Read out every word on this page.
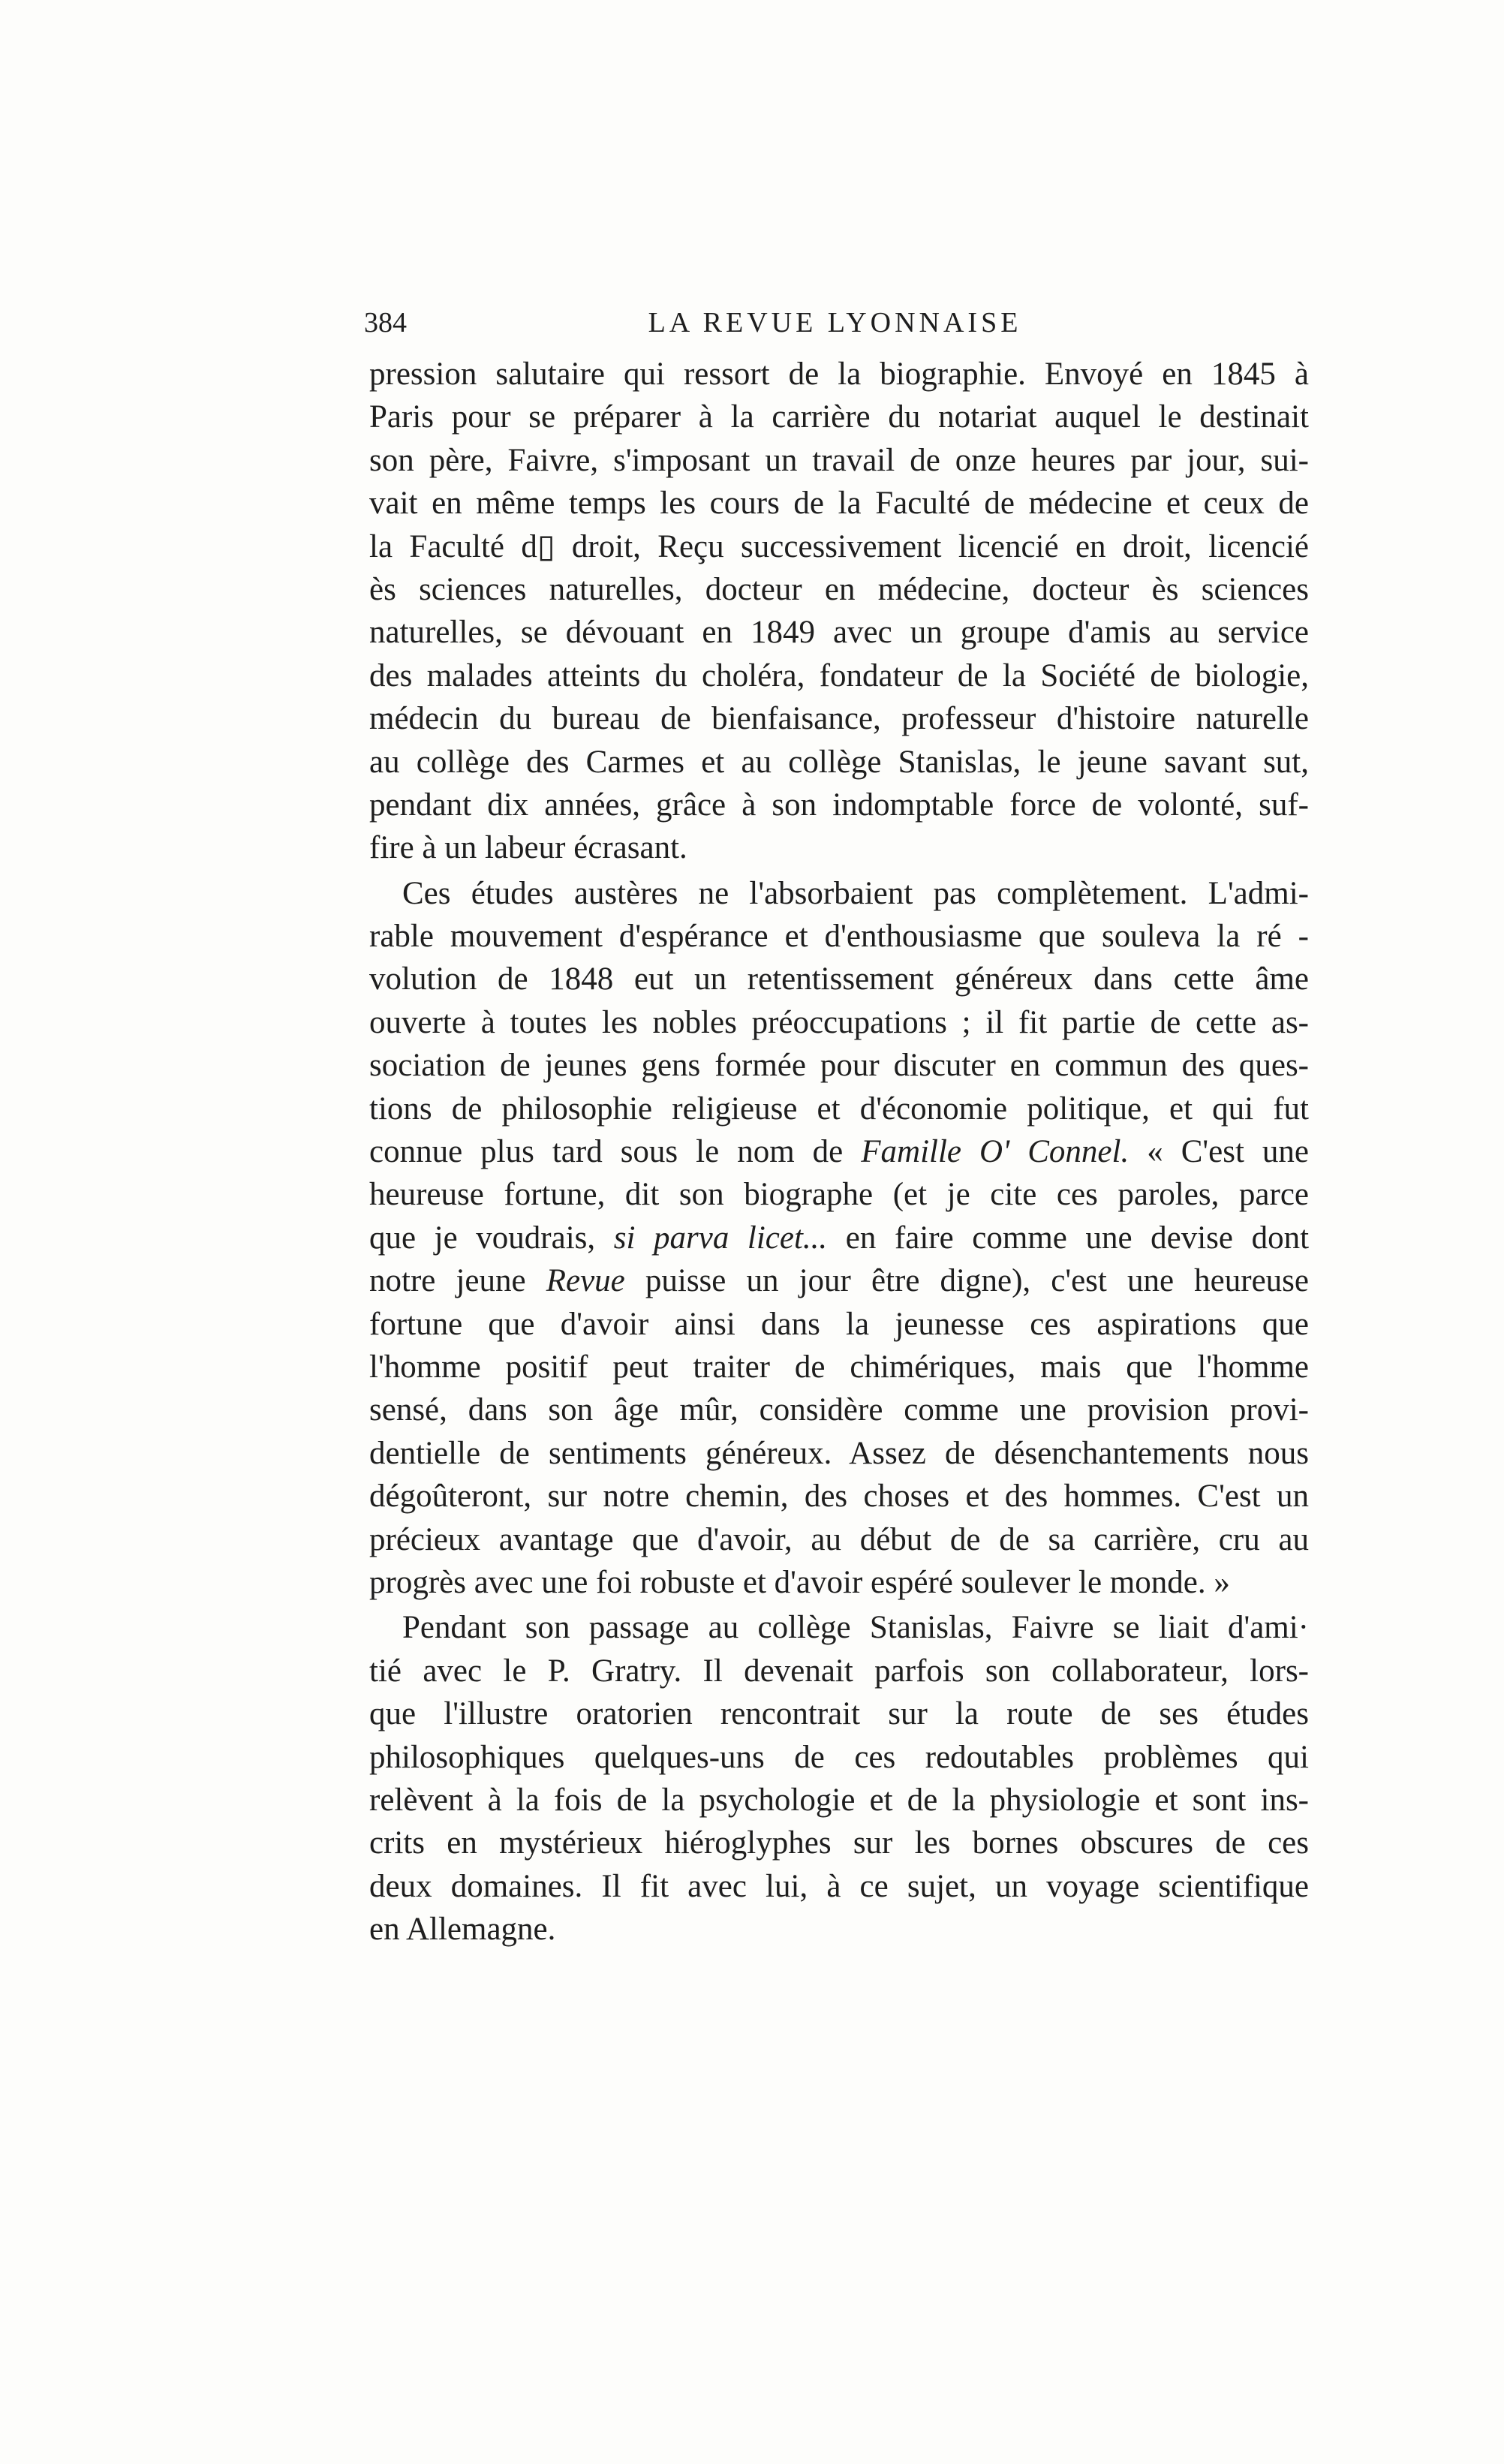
384	LA REVUE LYONNAISE
pression salutaire qui ressort de la biographie. Envoyé en 1845 à
Paris pour se préparer à la carrière du notariat auquel le destinait
son père, Faivre, s'imposant un travail de onze heures par jour, sui-
vait en même temps les cours de la Faculté de médecine et ceux de
la Faculté d▯ droit, Reçu successivement licencié en droit, licencié
ès sciences naturelles, docteur en médecine, docteur ès sciences
naturelles, se dévouant en 1849 avec un groupe d'amis au service
des malades atteints du choléra, fondateur de la Société de biologie,
médecin du bureau de bienfaisance, professeur d'histoire naturelle
au collège des Carmes et au collège Stanislas, le jeune savant sut,
pendant dix années, grâce à son indomptable force de volonté, suf-
fire à un labeur écrasant.
Ces études austères ne l'absorbaient pas complètement. L'admi-
rable mouvement d'espérance et d'enthousiasme que souleva la ré -
volution de 1848 eut un retentissement généreux dans cette âme
ouverte à toutes les nobles préoccupations ; il fit partie de cette as-
sociation de jeunes gens formée pour discuter en commun des ques-
tions de philosophie religieuse et d'économie politique, et qui fut
connue plus tard sous le nom de Famille O' Connel. « C'est une
heureuse fortune, dit son biographe (et je cite ces paroles, parce
que je voudrais, si parva licet... en faire comme une devise dont
notre jeune Revue puisse un jour être digne), c'est une heureuse
fortune que d'avoir ainsi dans la jeunesse ces aspirations que
l'homme positif peut traiter de chimériques, mais que l'homme
sensé, dans son âge mûr, considère comme une provision provi-
dentielle de sentiments généreux. Assez de désenchantements nous
dégoûteront, sur notre chemin, des choses et des hommes. C'est un
précieux avantage que d'avoir, au début de de sa carrière, cru au
progrès avec une foi robuste et d'avoir espéré soulever le monde. »
Pendant son passage au collège Stanislas, Faivre se liait d'ami·
tié avec le P. Gratry. Il devenait parfois son collaborateur, lors-
que l'illustre oratorien rencontrait sur la route de ses études
philosophiques quelques-uns de ces redoutables problèmes qui
relèvent à la fois de la psychologie et de la physiologie et sont ins-
crits en mystérieux hiéroglyphes sur les bornes obscures de ces
deux domaines. Il fit avec lui, à ce sujet, un voyage scientifique
en Allemagne.
